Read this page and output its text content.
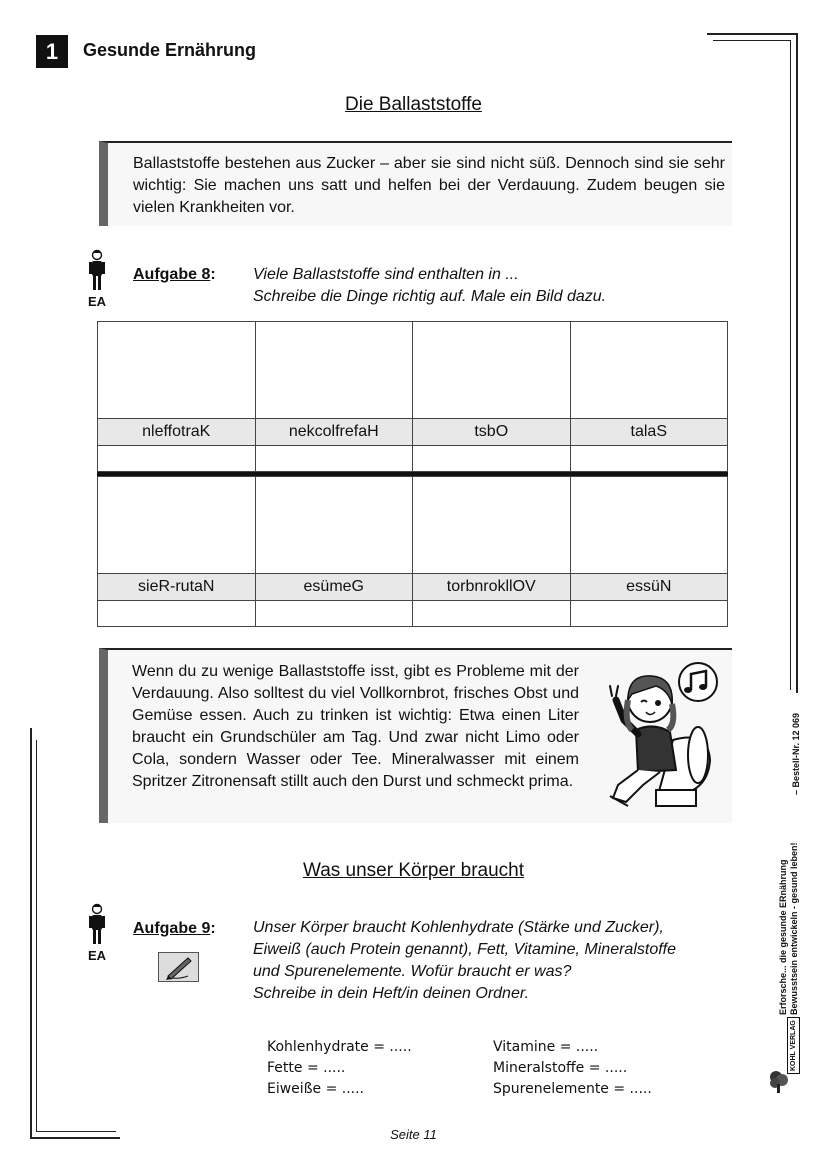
1	Gesunde Ernährung
Die Ballaststoffe
Ballaststoffe bestehen aus Zucker – aber sie sind nicht süß. Dennoch sind sie sehr wichtig: Sie machen uns satt und helfen bei der Verdauung. Zudem beugen sie vielen Krankheiten vor.
EA
Aufgabe 8: Viele Ballaststoffe sind enthalten in ...
Schreibe die Dinge richtig auf. Male ein Bild dazu.

nleffotraK	nekcolfrefaH	tsbO	talaS

sieR-rutaN	esümeG	torbnrokllOV	essüN

Wenn du zu wenige Ballaststoffe isst, gibt es Probleme mit der Verdauung. Also solltest du viel Vollkornbrot, frisches Obst und Gemüse essen. Auch zu trinken ist wichtig: Etwa einen Liter braucht ein Grundschüler am Tag. Und zwar nicht Limo oder Cola, sondern Wasser oder Tee. Mineralwasser mit einem Spritzer Zitronensaft stillt auch den Durst und schmeckt prima.
Was unser Körper braucht
EA
Aufgabe 9: Unser Körper braucht Kohlenhydrate (Stärke und Zucker),
Eiweiß (auch Protein genannt), Fett, Vitamine, Mineralstoffe
und Spurenelemente. Wofür braucht er was?
Schreibe in dein Heft/in deinen Ordner.
Kohlenhydrate = .....
Fette = .....
Eiweiße = .....
Vitamine = .....
Mineralstoffe = .....
Spurenelemente = .....
Erforsche... die gesunde ERnährung Bewusstsein entwickeln - gesund leben!
– Bestell-Nr. 12 069
KOHL VERLAG
Seite 11
